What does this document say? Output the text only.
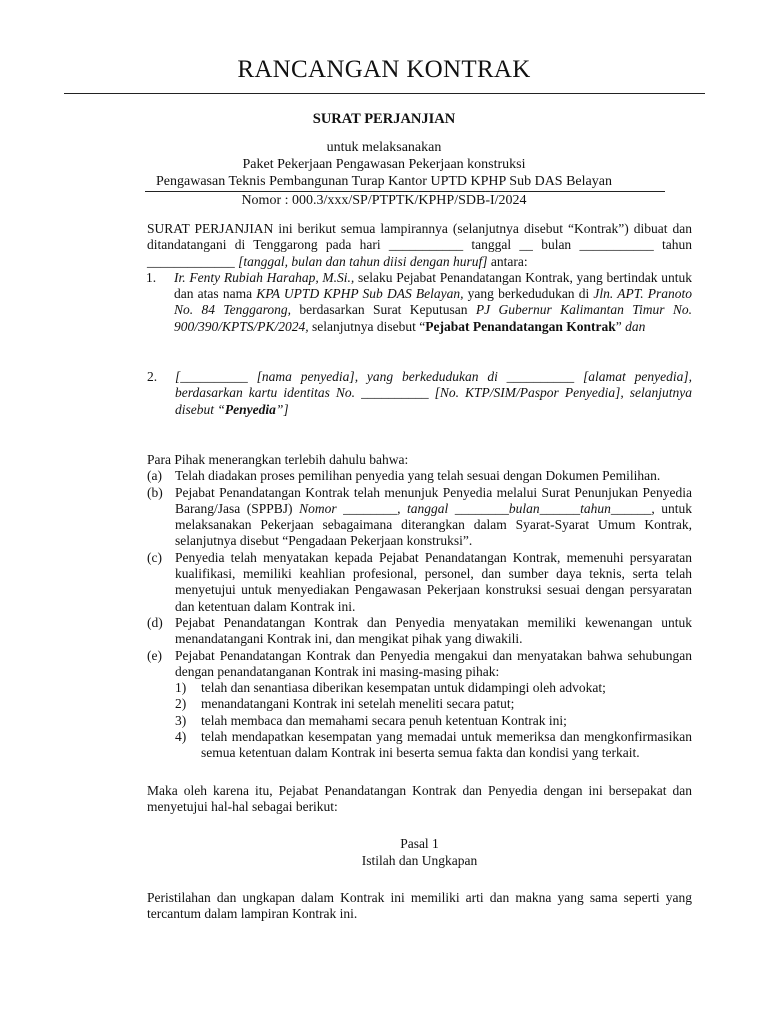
RANCANGAN KONTRAK
SURAT PERJANJIAN
untuk melaksanakan
Paket Pekerjaan Pengawasan Pekerjaan konstruksi
Pengawasan Teknis Pembangunan Turap Kantor UPTD KPHP Sub DAS Belayan
Nomor : 000.3/xxx/SP/PTPTK/KPHP/SDB-I/2024

SURAT PERJANJIAN ini berikut semua lampirannya (selanjutnya disebut “Kontrak”) dibuat dan ditandatangani di Tenggarong pada hari ___________ tanggal __ bulan ___________ tahun _____________ [tanggal, bulan dan tahun diisi dengan huruf] antara:

1.	Ir. Fenty Rubiah Harahap, M.Si., selaku Pejabat Penandatangan Kontrak, yang bertindak untuk dan atas nama KPA UPTD KPHP Sub DAS Belayan, yang berkedudukan di Jln. APT. Pranoto No. 84 Tenggarong, berdasarkan Surat Keputusan PJ Gubernur Kalimantan Timur No. 900/390/KPTS/PK/2024, selanjutnya disebut “Pejabat Penandatangan Kontrak” dan
2.	[__________ [nama penyedia], yang berkedudukan di __________ [alamat penyedia], berdasarkan kartu identitas No. __________ [No. KTP/SIM/Paspor Penyedia], selanjutnya disebut “Penyedia”]

Para Pihak menerangkan terlebih dahulu bahwa:

(a) Telah diadakan proses pemilihan penyedia yang telah sesuai dengan Dokumen Pemilihan.
(b) Pejabat Penandatangan Kontrak telah menunjuk Penyedia melalui Surat Penunjukan Penyedia Barang/Jasa (SPPBJ) Nomor ________, tanggal ________bulan______tahun______, untuk melaksanakan Pekerjaan sebagaimana diterangkan dalam Syarat-Syarat Umum Kontrak, selanjutnya disebut “Pengadaan Pekerjaan konstruksi”.
(c) Penyedia telah menyatakan kepada Pejabat Penandatangan Kontrak, memenuhi persyaratan kualifikasi, memiliki keahlian profesional, personel, dan sumber daya teknis, serta telah menyetujui untuk menyediakan Pengawasan Pekerjaan konstruksi sesuai dengan persyaratan dan ketentuan dalam Kontrak ini.
(d) Pejabat Penandatangan Kontrak dan Penyedia menyatakan memiliki kewenangan untuk menandatangani Kontrak ini, dan mengikat pihak yang diwakili.
(e) Pejabat Penandatangan Kontrak dan Penyedia mengakui dan menyatakan bahwa sehubungan dengan penandatanganan Kontrak ini masing-masing pihak:
1)	telah dan senantiasa diberikan kesempatan untuk didampingi oleh advokat;
2)	menandatangani Kontrak ini setelah meneliti secara patut;
3)	telah membaca dan memahami secara penuh ketentuan Kontrak ini;
4)	telah mendapatkan kesempatan yang memadai untuk memeriksa dan mengkonfirmasikan semua ketentuan dalam Kontrak ini beserta semua fakta dan kondisi yang terkait.

Maka oleh karena itu, Pejabat Penandatangan Kontrak dan Penyedia dengan ini bersepakat dan menyetujui hal-hal sebagai berikut:

Pasal 1

Istilah dan Ungkapan

Peristilahan dan ungkapan dalam Kontrak ini memiliki arti dan makna yang sama seperti yang tercantum dalam lampiran Kontrak ini.
